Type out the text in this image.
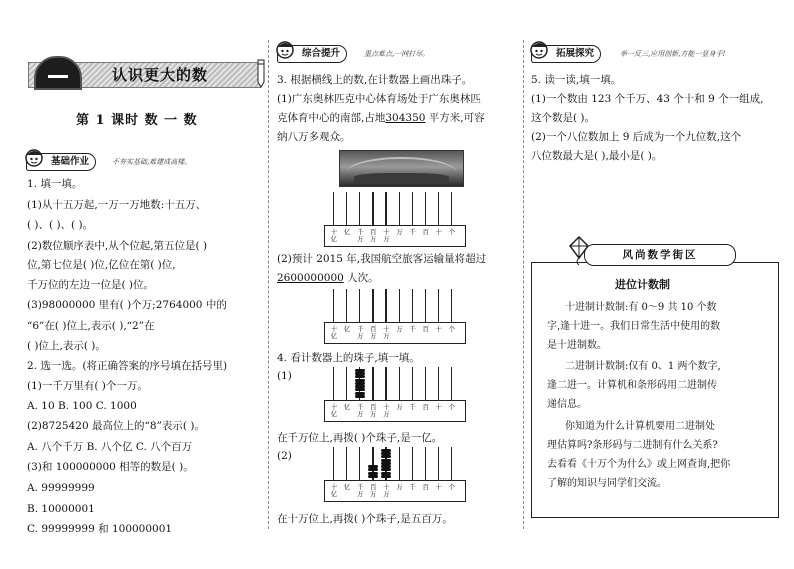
认识更大的数
第 1 课时 数 一 数
基础作业	不夯实基础,难建成高楼。
1. 填一填。
(1)从十五万起,一万一万地数:十五万、
( )、( )、( )。
(2)数位顺序表中,从个位起,第五位是( )
位,第七位是( )位,亿位在第( )位,
千万位的左边一位是( )位。
(3)98000000 里有( )个万;2764000 中的
“6”在( )位上,表示( ),“2”在
( )位上,表示( )。
2. 选一选。(将正确答案的序号填在括号里)
(1)一千万里有( )个一万。
A. 10 B. 100 C. 1000
(2)8725420 最高位上的“8”表示( )。
A. 八个千万 B. 八个亿 C. 八个百万
(3)和 100000000 相等的数是( )。
A. 99999999
B. 10000001
C. 99999999 和 100000001
综合提升	重点难点,一网打尽。
3. 根据横线上的数,在计数器上画出珠子。
(1)广东奥林匹克中心体育场处于广东奥林匹
克体育中心的南部,占地304350 平方米,可容
纳八万多观众。
(2)预计 2015 年,我国航空旅客运输量将超过
2600000000 人次。
4. 看计数器上的珠子,填一填。
(1)
在千万位上,再拨( )个珠子,是一亿。
(2)
在十万位上,再拨( )个珠子,是五百万。
十亿
亿	千万
百万
十万
万	千	百	十	个
十亿
亿	千万
百万
十万
万	千	百	十	个
十亿
亿	千万
百万
十万
万	千	百	十	个
十亿
亿	千万
百万
十万
万	千	百	十	个
拓展探究	举一反三,应用创新,方能一显身手!
5. 读一读,填一填。
(1)一个数由 123 个千万、43 个十和 9 个一组成,
这个数是( )。
(2)一个八位数加上 9 后成为一个九位数,这个
八位数最大是( ),最小是( )。
风尚数学街区
进位计数制
十进制计数制:有 0～9 共 10 个数
字,逢十进一。我们日常生活中使用的数
是十进制数。
二进制计数制:仅有 0、1 两个数字,
逢二进一。计算机和条形码用二进制传
递信息。
你知道为什么计算机要用二进制处
理估算吗?条形码与二进制有什么关系?
去看看《十万个为什么》或上网查询,把你
了解的知识与同学们交流。
